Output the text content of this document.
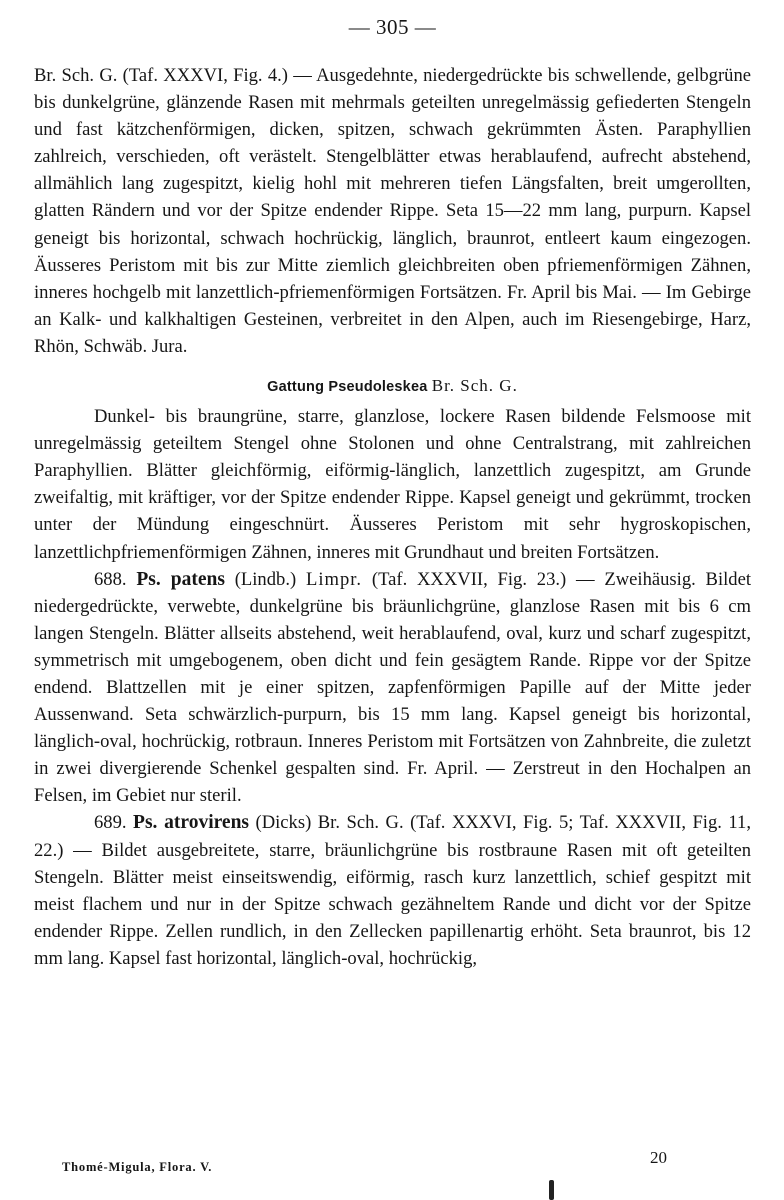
— 305 —

Br. Sch. G. (Taf. XXXVI, Fig. 4.) — Ausgedehnte, niedergedrückte bis schwellende, gelbgrüne bis dunkelgrüne, glänzende Rasen mit mehrmals geteilten unregelmässig gefiederten Stengeln und fast kätzchenförmigen, dicken, spitzen, schwach gekrümmten Ästen. Paraphyllien zahlreich, verschieden, oft verästelt. Stengelblätter etwas herablaufend, aufrecht abstehend, allmählich lang zugespitzt, kielig hohl mit mehreren tiefen Längsfalten, breit umgerollten, glatten Rändern und vor der Spitze endender Rippe. Seta 15—22 mm lang, purpurn. Kapsel geneigt bis horizontal, schwach hochrückig, länglich, braunrot, entleert kaum eingezogen. Äusseres Peristom mit bis zur Mitte ziemlich gleichbreiten oben pfriemenförmigen Zähnen, inneres hochgelb mit lanzettlich-pfriemenförmigen Fortsätzen. Fr. April bis Mai. — Im Gebirge an Kalk- und kalkhaltigen Gesteinen, verbreitet in den Alpen, auch im Riesengebirge, Harz, Rhön, Schwäb. Jura.

Gattung Pseudoleskea Br. Sch. G.

Dunkel- bis braungrüne, starre, glanzlose, lockere Rasen bildende Felsmoose mit unregelmässig geteiltem Stengel ohne Stolonen und ohne Centralstrang, mit zahlreichen Paraphyllien. Blätter gleichförmig, eiförmig-länglich, lanzettlich zugespitzt, am Grunde zweifaltig, mit kräftiger, vor der Spitze endender Rippe. Kapsel geneigt und gekrümmt, trocken unter der Mündung eingeschnürt. Äusseres Peristom mit sehr hygroskopischen, lanzettlichpfriemenförmigen Zähnen, inneres mit Grundhaut und breiten Fortsätzen.

688. Ps. patens (Lindb.) Limpr. (Taf. XXXVII, Fig. 23.) — Zweihäusig. Bildet niedergedrückte, verwebte, dunkelgrüne bis bräunlichgrüne, glanzlose Rasen mit bis 6 cm langen Stengeln. Blätter allseits abstehend, weit herablaufend, oval, kurz und scharf zugespitzt, symmetrisch mit umgebogenem, oben dicht und fein gesägtem Rande. Rippe vor der Spitze endend. Blattzellen mit je einer spitzen, zapfenförmigen Papille auf der Mitte jeder Aussenwand. Seta schwärzlich-purpurn, bis 15 mm lang. Kapsel geneigt bis horizontal, länglich-oval, hochrückig, rotbraun. Inneres Peristom mit Fortsätzen von Zahnbreite, die zuletzt in zwei divergierende Schenkel gespalten sind. Fr. April. — Zerstreut in den Hochalpen an Felsen, im Gebiet nur steril.

689. Ps. atrovirens (Dicks) Br. Sch. G. (Taf. XXXVI, Fig. 5; Taf. XXXVII, Fig. 11, 22.) — Bildet ausgebreitete, starre, bräunlichgrüne bis rostbraune Rasen mit oft geteilten Stengeln. Blätter meist einseitswendig, eiförmig, rasch kurz lanzettlich, schief gespitzt mit meist flachem und nur in der Spitze schwach gezähneltem Rande und dicht vor der Spitze endender Rippe. Zellen rundlich, in den Zellecken papillenartig erhöht. Seta braunrot, bis 12 mm lang. Kapsel fast horizontal, länglich-oval, hochrückig,

Thomé-Migula, Flora. V.	20
